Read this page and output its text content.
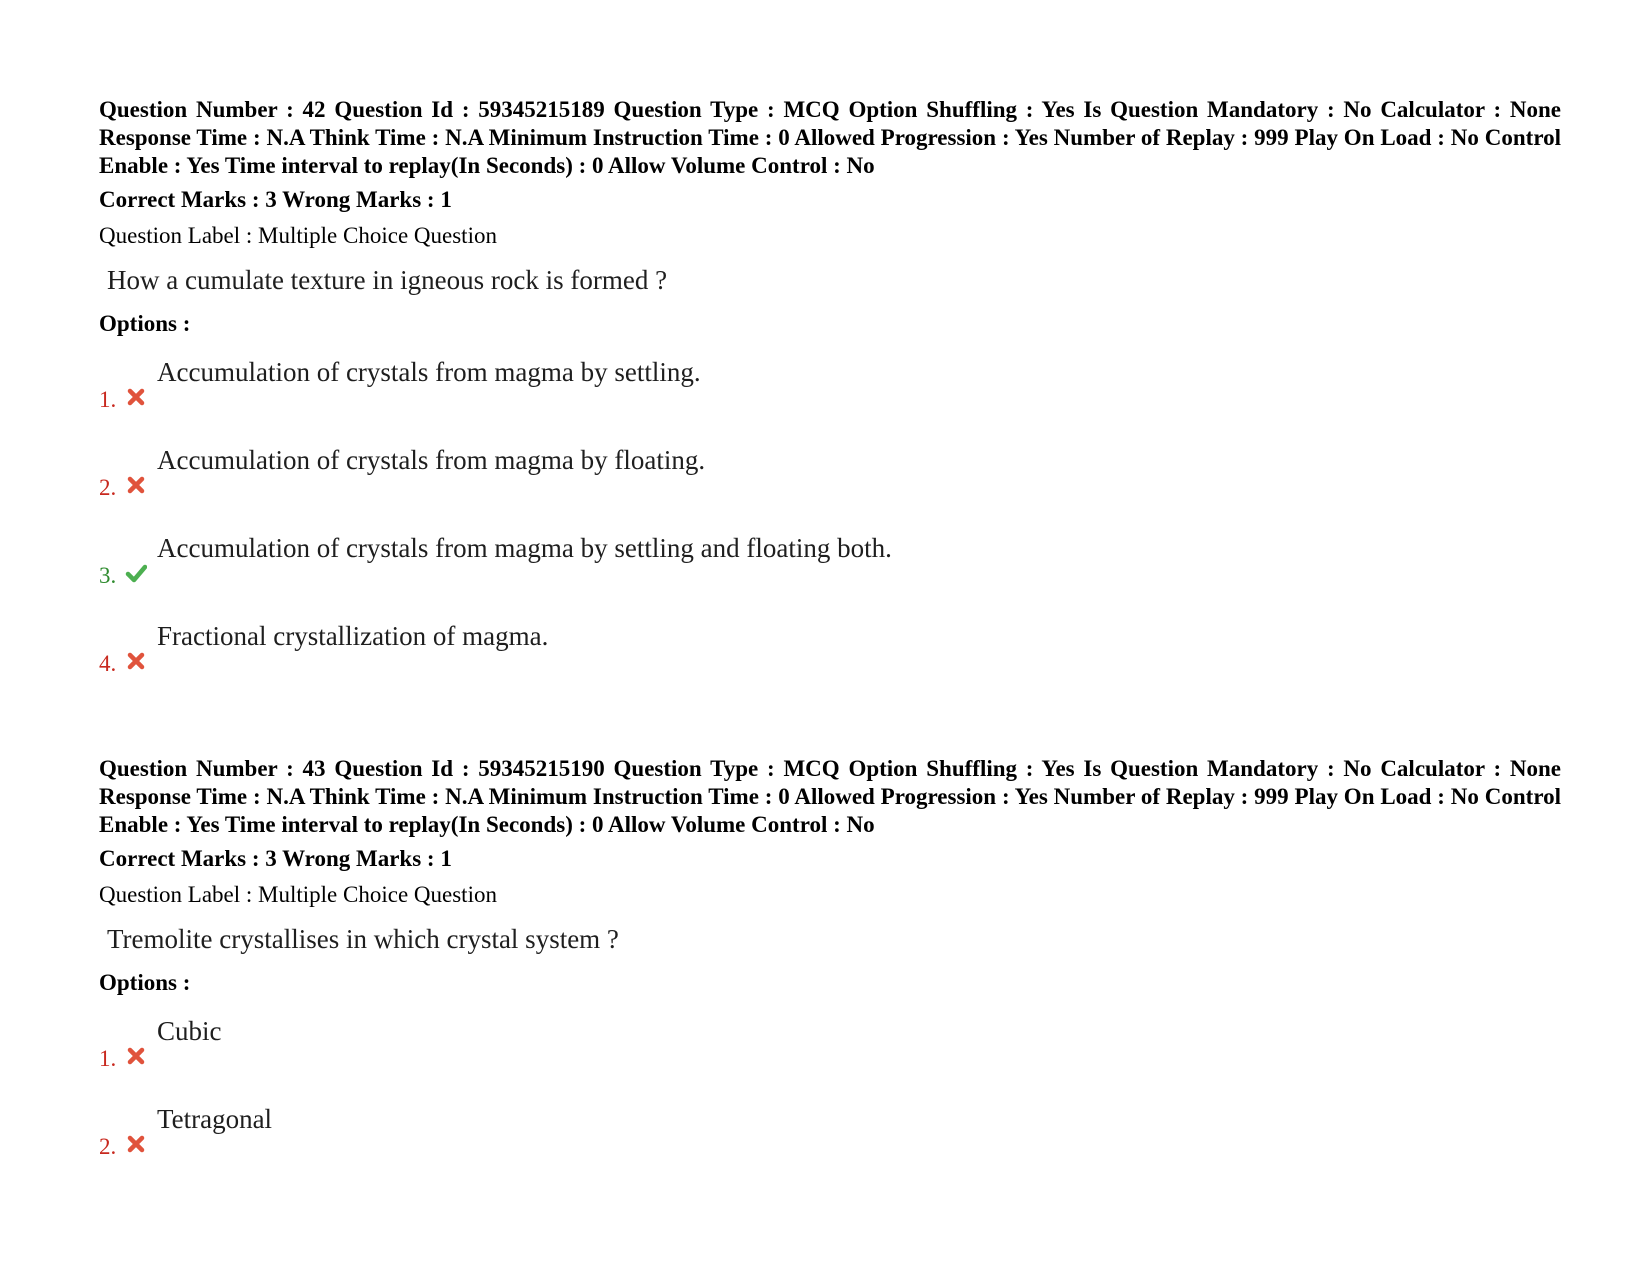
Question Number : 42 Question Id : 59345215189 Question Type : MCQ Option Shuffling : Yes Is Question Mandatory : No Calculator : None Response Time : N.A Think Time : N.A Minimum Instruction Time : 0 Allowed Progression : Yes Number of Replay : 999 Play On Load : No Control Enable : Yes Time interval to replay(In Seconds) : 0 Allow Volume Control : No
Correct Marks : 3 Wrong Marks : 1
Question Label : Multiple Choice Question
How a cumulate texture in igneous rock is formed ?
Options :
1.
Accumulation of crystals from magma by settling.
2.
Accumulation of crystals from magma by floating.
3.
Accumulation of crystals from magma by settling and floating both.
4.
Fractional crystallization of magma.
Question Number : 43 Question Id : 59345215190 Question Type : MCQ Option Shuffling : Yes Is Question Mandatory : No Calculator : None Response Time : N.A Think Time : N.A Minimum Instruction Time : 0 Allowed Progression : Yes Number of Replay : 999 Play On Load : No Control Enable : Yes Time interval to replay(In Seconds) : 0 Allow Volume Control : No
Correct Marks : 3 Wrong Marks : 1
Question Label : Multiple Choice Question
Tremolite crystallises in which crystal system ?
Options :
1.
Cubic
2.
Tetragonal
